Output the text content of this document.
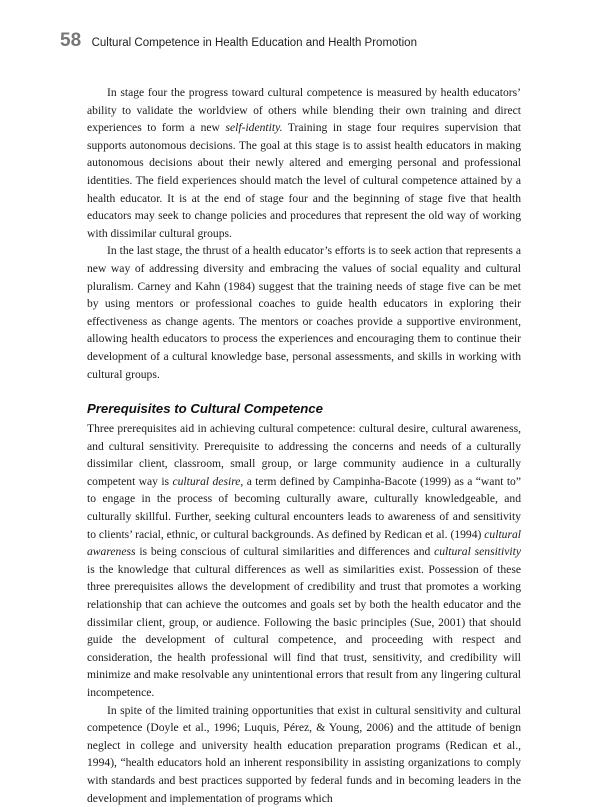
58 Cultural Competence in Health Education and Health Promotion

In stage four the progress toward cultural competence is measured by health educators’ ability to validate the worldview of others while blending their own training and direct experiences to form a new self-identity. Training in stage four requires supervision that supports autonomous decisions. The goal at this stage is to assist health educators in making autonomous decisions about their newly altered and emerging personal and professional identities. The field experiences should match the level of cultural competence attained by a health educator. It is at the end of stage four and the beginning of stage five that health educators may seek to change policies and procedures that represent the old way of working with dissimilar cultural groups.

In the last stage, the thrust of a health educator’s efforts is to seek action that represents a new way of addressing diversity and embracing the values of social equality and cultural pluralism. Carney and Kahn (1984) suggest that the training needs of stage five can be met by using mentors or professional coaches to guide health educators in exploring their effectiveness as change agents. The mentors or coaches provide a supportive environment, allowing health educators to process the experiences and encouraging them to continue their development of a cultural knowledge base, personal assessments, and skills in working with cultural groups.

Prerequisites to Cultural Competence

Three prerequisites aid in achieving cultural competence: cultural desire, cultural awareness, and cultural sensitivity. Prerequisite to addressing the concerns and needs of a culturally dissimilar client, classroom, small group, or large community audience in a culturally competent way is cultural desire, a term defined by Campinha-Bacote (1999) as a “want to” to engage in the process of becoming culturally aware, culturally knowledgeable, and culturally skillful. Further, seeking cultural encounters leads to awareness of and sensitivity to clients’ racial, ethnic, or cultural backgrounds. As defined by Redican et al. (1994) cultural awareness is being conscious of cultural similarities and differences and cultural sensitivity is the knowledge that cultural differences as well as similarities exist. Possession of these three prerequisites allows the development of credibility and trust that promotes a working relationship that can achieve the outcomes and goals set by both the health educator and the dissimilar client, group, or audience. Following the basic principles (Sue, 2001) that should guide the development of cultural competence, and proceeding with respect and consideration, the health professional will find that trust, sensitivity, and credibility will minimize and make resolvable any unintentional errors that result from any lingering cultural incompetence.

In spite of the limited training opportunities that exist in cultural sensitivity and cultural competence (Doyle et al., 1996; Luquis, Pérez, & Young, 2006) and the attitude of benign neglect in college and university health education preparation programs (Redican et al., 1994), “health educators hold an inherent responsibility in assisting organizations to comply with standards and best practices supported by federal funds and in becoming leaders in the development and implementation of programs which
